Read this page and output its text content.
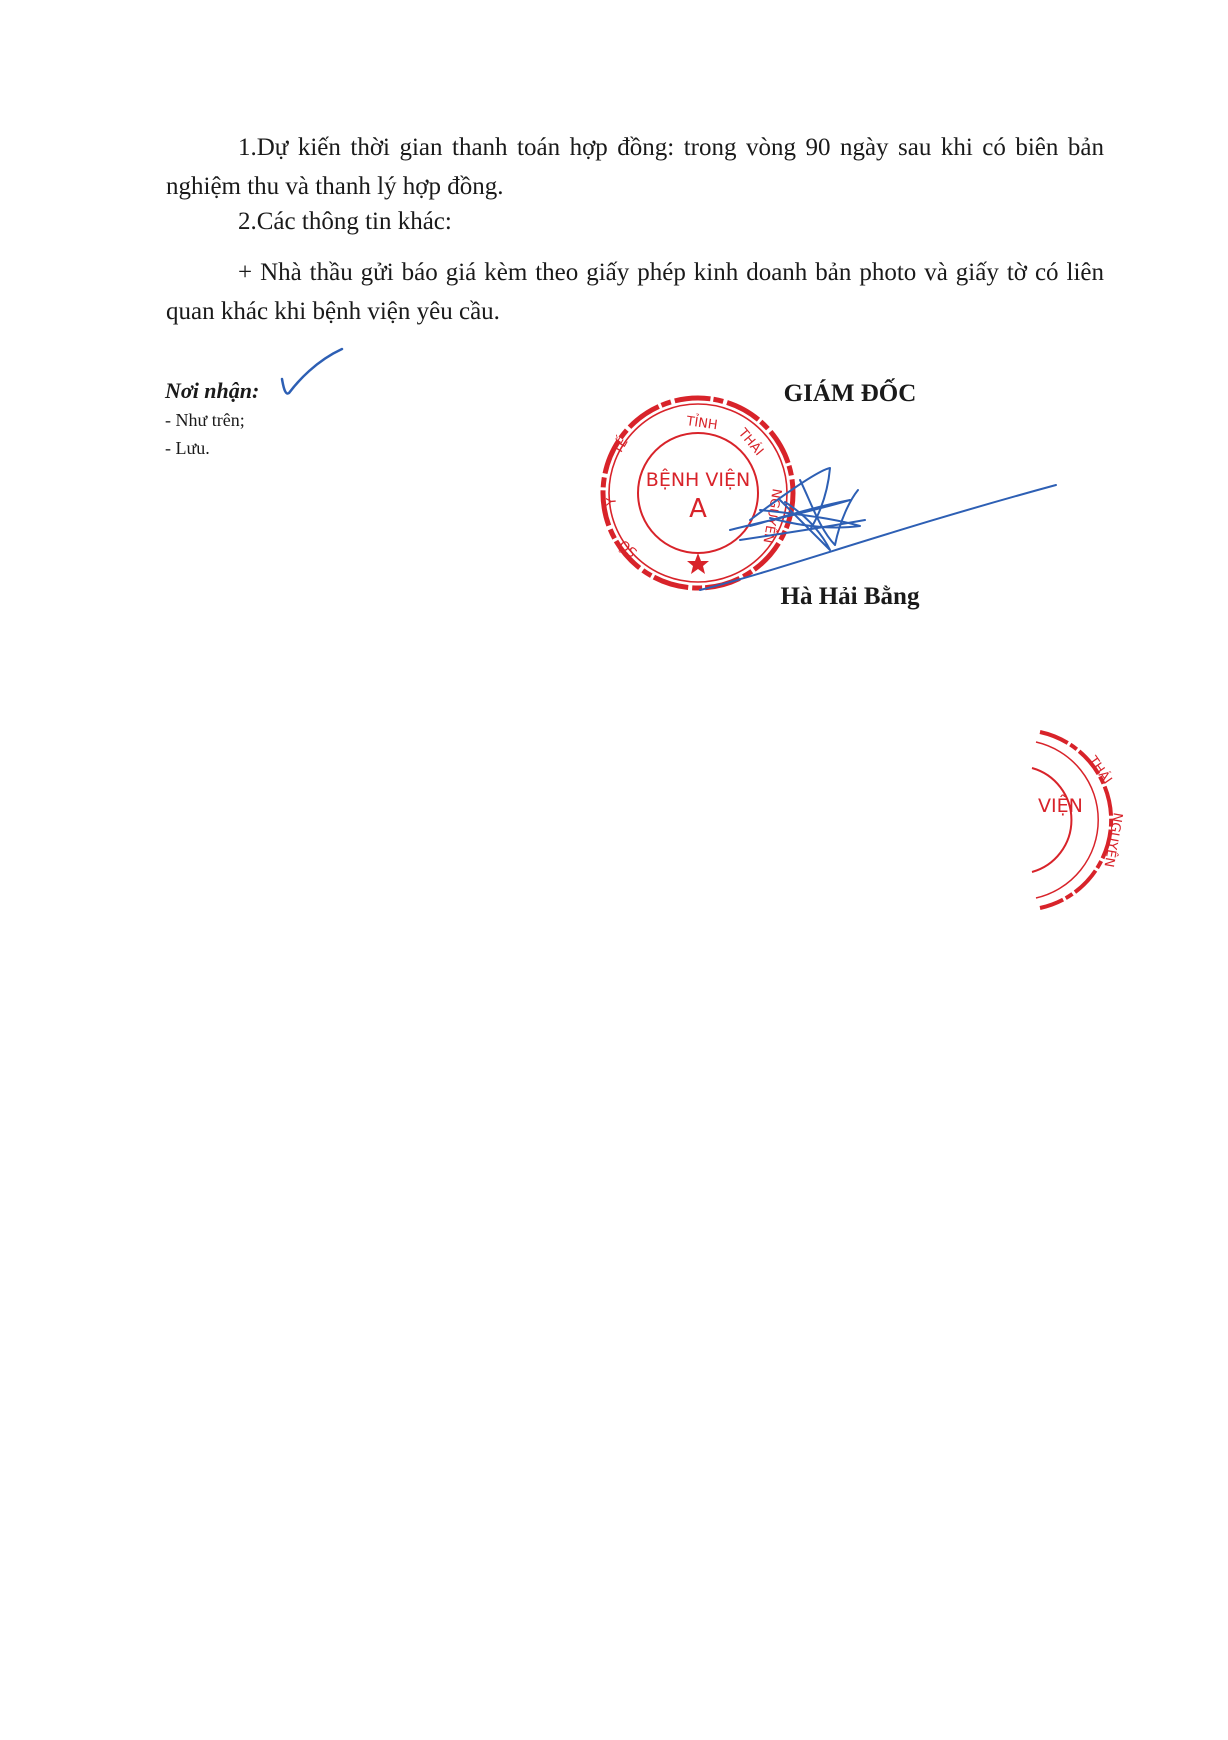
1.Dự kiến thời gian thanh toán hợp đồng: trong vòng 90 ngày sau khi có biên bản nghiệm thu và thanh lý hợp đồng.

2.Các thông tin khác:

+ Nhà thầu gửi báo giá kèm theo giấy phép kinh doanh bản photo và giấy tờ có liên quan khác khi bệnh viện yêu cầu.

Nơi nhận:

- Như trên;

- Lưu.

GIÁM ĐỐC

TỈNH
THÁI
NGUYÊN
TẾ
Y
SỞ
BỆNH VIỆN
A

Hà Hải Bằng

THÁI
NGUYÊN
VIỆN
